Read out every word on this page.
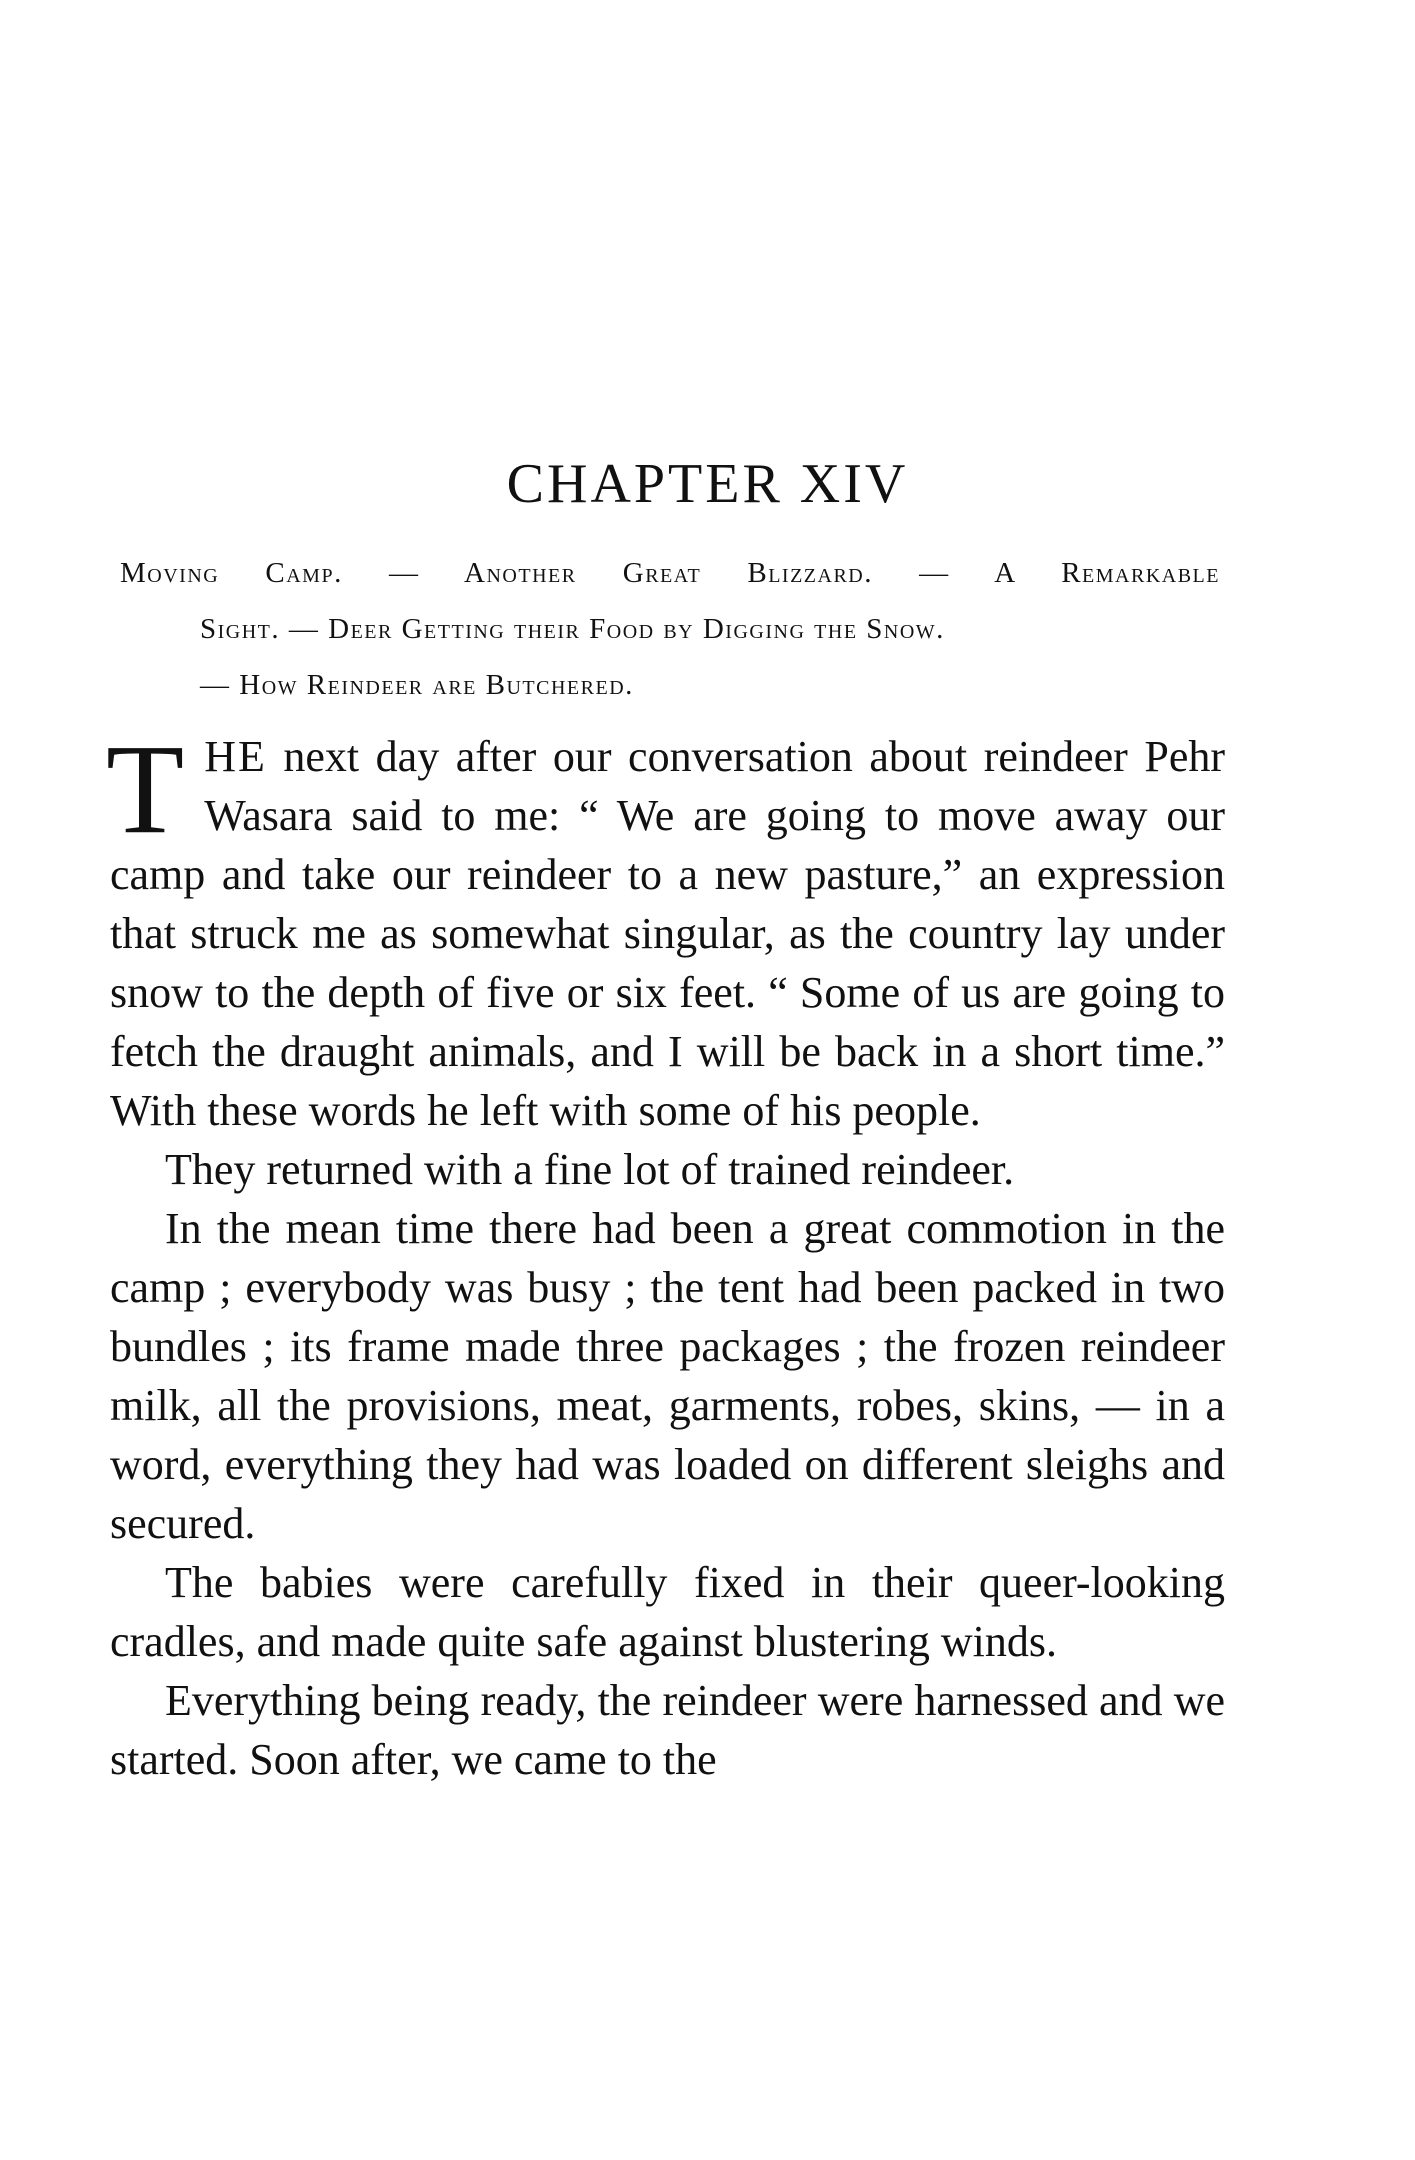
CHAPTER XIV
Moving Camp. — Another Great Blizzard. — A Remarkable
Sight. — Deer Getting their Food by Digging the Snow.
— How Reindeer are Butchered.

THE next day after our conversation about reindeer Pehr Wasara said to me: “ We are going to move away our camp and take our reindeer to a new pasture,” an expression that struck me as somewhat singular, as the country lay under snow to the depth of five or six feet. “ Some of us are going to fetch the draught animals, and I will be back in a short time.” With these words he left with some of his people.

They returned with a fine lot of trained reindeer.

In the mean time there had been a great commotion in the camp ; everybody was busy ; the tent had been packed in two bundles ; its frame made three packages ; the frozen reindeer milk, all the provisions, meat, garments, robes, skins, — in a word, everything they had was loaded on different sleighs and secured.

The babies were carefully fixed in their queer-looking cradles, and made quite safe against blustering winds.

Everything being ready, the reindeer were harnessed and we started. Soon after, we came to the
